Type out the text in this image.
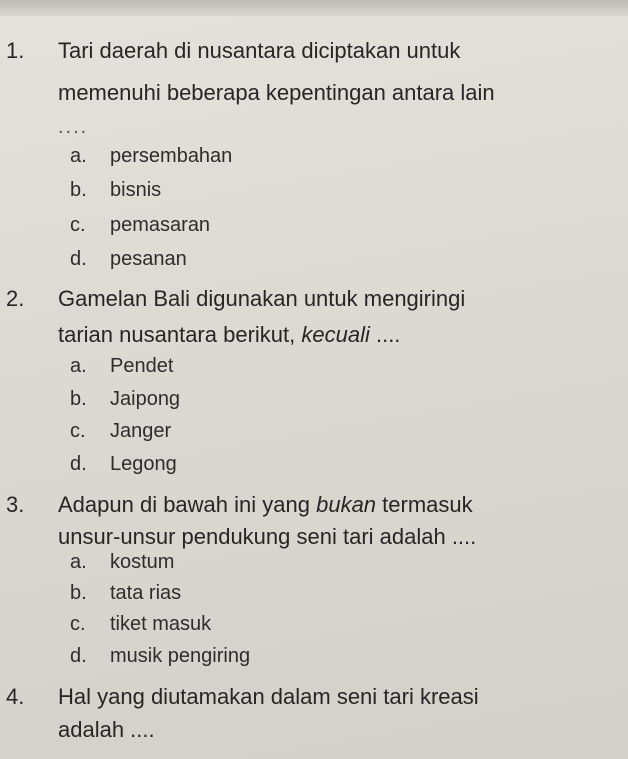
1. Tari daerah di nusantara diciptakan untuk
memenuhi beberapa kepentingan antara lain
....
a. persembahan
b. bisnis
c. pemasaran
d. pesanan
2. Gamelan Bali digunakan untuk mengiringi
tarian nusantara berikut, kecuali ....
a. Pendet
b. Jaipong
c. Janger
d. Legong
3. Adapun di bawah ini yang bukan termasuk
unsur-unsur pendukung seni tari adalah ....
a. kostum
b. tata rias
c. tiket masuk
d. musik pengiring
4. Hal yang diutamakan dalam seni tari kreasi
adalah ....
